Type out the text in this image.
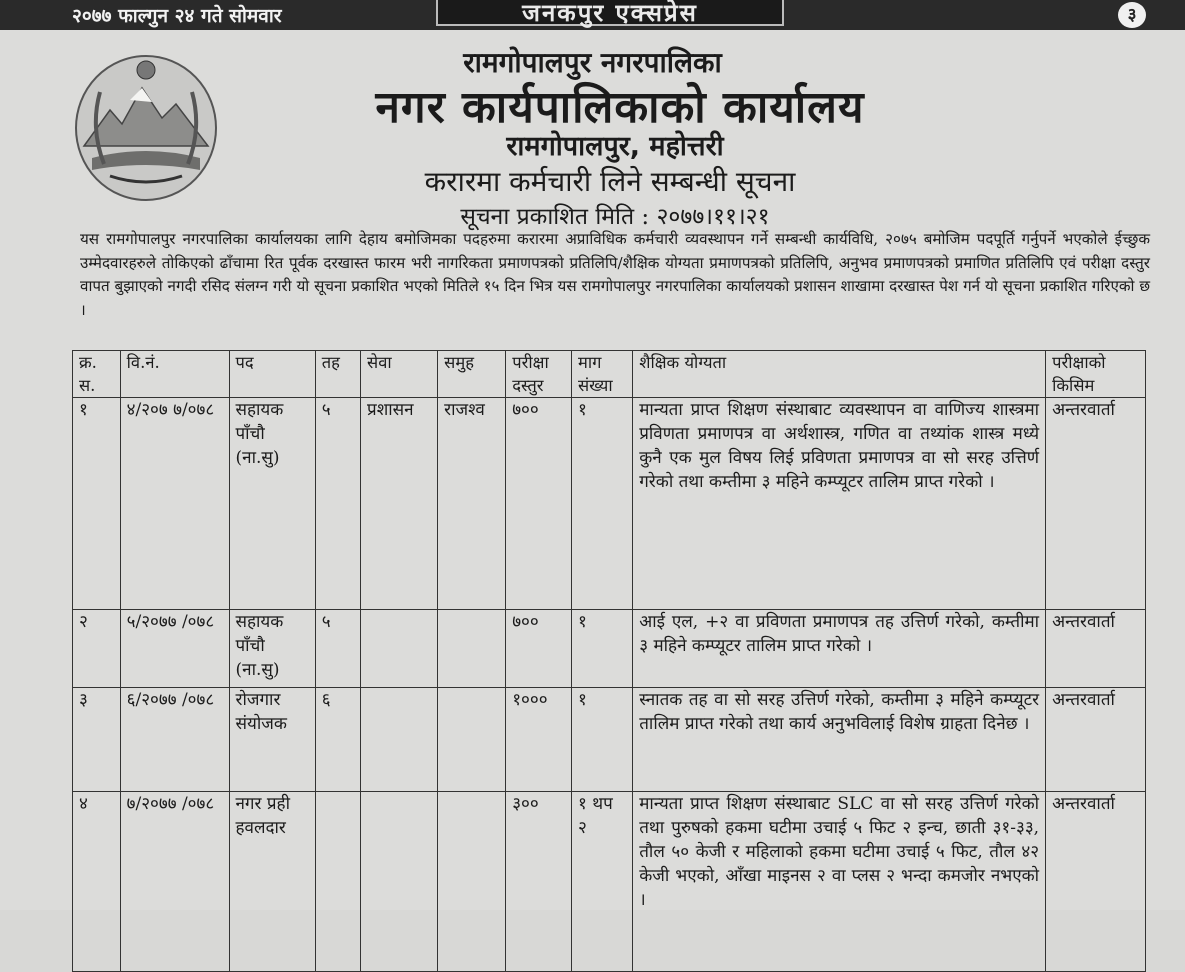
२०७७ फाल्गुन २४ गते सोमवार	जनकपुर एक्सप्रेस	३
रामगोपालपुर नगरपालिका
नगर कार्यपालिकाको कार्यालय
रामगोपालपुर, महोत्तरी
करारमा कर्मचारी लिने सम्बन्धी सूचना
सूचना प्रकाशित मिति : २०७७।११।२१

यस रामगोपालपुर नगरपालिका कार्यालयका लागि देहाय बमोजिमका पदहरुमा करारमा अप्राविधिक कर्मचारी व्यवस्थापन गर्ने सम्बन्धी कार्यविधि, २०७५ बमोजिम पदपूर्ति गर्नुपर्ने भएकोले ईच्छुक उम्मेदवारहरुले तोकिएको ढाँचामा रित पूर्वक दरखास्त फारम भरी नागरिकता प्रमाणपत्रको प्रतिलिपि/शैक्षिक योग्यता प्रमाणपत्रको प्रतिलिपि, अनुभव प्रमाणपत्रको प्रमाणित प्रतिलिपि एवं परीक्षा दस्तुर वापत बुझाएको नगदी रसिद संलग्न गरी यो सूचना प्रकाशित भएको मितिले १५ दिन भित्र यस रामगोपालपुर नगरपालिका कार्यालयको प्रशासन शाखामा दरखास्त पेश गर्न यो सूचना प्रकाशित गरिएको छ ।

क्र. स.	वि.नं.	पद	तह	सेवा	समुह	परीक्षा दस्तुर	माग संख्या	शैक्षिक योग्यता	परीक्षाको किसिम
१	४/२०७ ७/०७८	सहायक पाँचौ (ना.सु)	५	प्रशासन	राजश्व	७००	१	मान्यता प्राप्त शिक्षण संस्थाबाट व्यवस्थापन वा वाणिज्य शास्त्रमा प्रविणता प्रमाणपत्र वा अर्थशास्त्र, गणित वा तथ्यांक शास्त्र मध्ये कुनै एक मुल विषय लिई प्रविणता प्रमाणपत्र वा सो सरह उत्तिर्ण गरेको तथा कम्तीमा ३ महिने कम्प्यूटर तालिम प्राप्त गरेको ।	अन्तरवार्ता
२	५/२०७७ /०७८	सहायक पाँचौ (ना.सु)	५			७००	१	आई एल, +२ वा प्रविणता प्रमाणपत्र तह उत्तिर्ण गरेको, कम्तीमा ३ महिने कम्प्यूटर तालिम प्राप्त गरेको ।	अन्तरवार्ता
३	६/२०७७ /०७८	रोजगार संयोजक	६			१०००	१	स्नातक तह वा सो सरह उत्तिर्ण गरेको, कम्तीमा ३ महिने कम्प्यूटर तालिम प्राप्त गरेको तथा कार्य अनुभविलाई विशेष ग्राहता दिनेछ ।	अन्तरवार्ता
४	७/२०७७ /०७८	नगर प्रही हवलदार				३००	१ थप २	मान्यता प्राप्त शिक्षण संस्थाबाट SLC वा सो सरह उत्तिर्ण गरेको तथा पुरुषको हकमा घटीमा उचाई ५ फिट २ इन्च, छाती ३१-३३, तौल ५० केजी र महिलाको हकमा घटीमा उचाई ५ फिट, तौल ४२ केजी भएको, आँखा माइनस २ वा प्लस २ भन्दा कमजोर नभएको ।	अन्तरवार्ता
